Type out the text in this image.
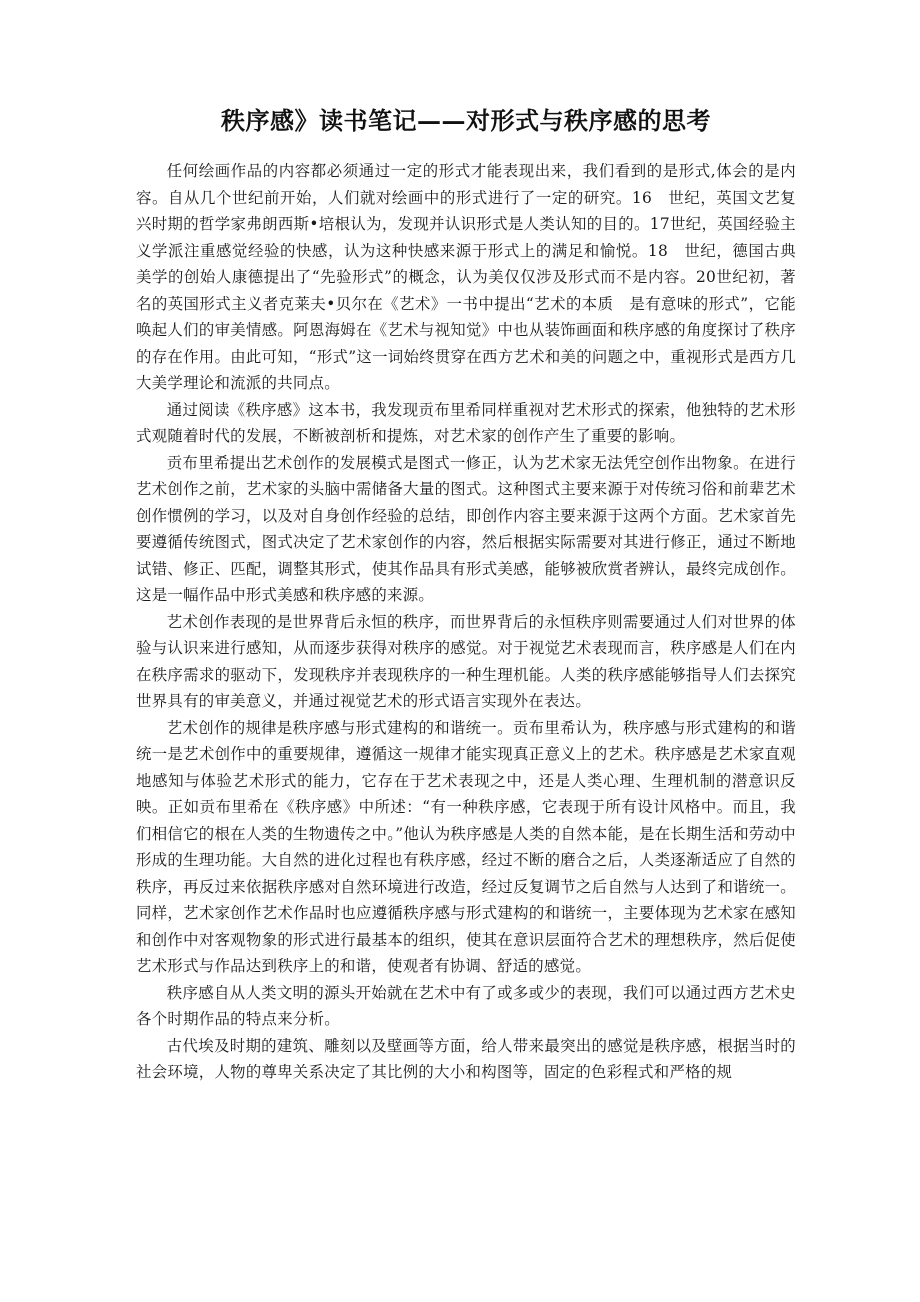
秩序感》读书笔记——对形式与秩序感的思考

任何绘画作品的内容都必须通过一定的形式才能表现出来，我们看到的是形式,体会的是内容。自从几个世纪前开始，人们就对绘画中的形式进行了一定的研究。16　世纪，英国文艺复兴时期的哲学家弗朗西斯•培根认为，发现并认识形式是人类认知的目的。17世纪，英国经验主义学派注重感觉经验的快感，认为这种快感来源于形式上的满足和愉悦。18　世纪，德国古典美学的创始人康德提出了“先验形式”的概念，认为美仅仅涉及形式而不是内容。20世纪初，著名的英国形式主义者克莱夫•贝尔在《艺术》一书中提出“艺术的本质　是有意味的形式”，它能唤起人们的审美情感。阿恩海姆在《艺术与视知觉》中也从装饰画面和秩序感的角度探讨了秩序的存在作用。由此可知，“形式”这一词始终贯穿在西方艺术和美的问题之中，重视形式是西方几大美学理论和流派的共同点。

通过阅读《秩序感》这本书，我发现贡布里希同样重视对艺术形式的探索，他独特的艺术形式观随着时代的发展，不断被剖析和提炼，对艺术家的创作产生了重要的影响。

贡布里希提出艺术创作的发展模式是图式一修正，认为艺术家无法凭空创作出物象。在进行艺术创作之前，艺术家的头脑中需储备大量的图式。这种图式主要来源于对传统习俗和前辈艺术创作惯例的学习，以及对自身创作经验的总结，即创作内容主要来源于这两个方面。艺术家首先要遵循传统图式，图式决定了艺术家创作的内容，然后根据实际需要对其进行修正，通过不断地试错、修正、匹配，调整其形式，使其作品具有形式美感，能够被欣赏者辨认，最终完成创作。这是一幅作品中形式美感和秩序感的来源。

艺术创作表现的是世界背后永恒的秩序，而世界背后的永恒秩序则需要通过人们对世界的体验与认识来进行感知，从而逐步获得对秩序的感觉。对于视觉艺术表现而言，秩序感是人们在内在秩序需求的驱动下，发现秩序并表现秩序的一种生理机能。人类的秩序感能够指导人们去探究世界具有的审美意义，并通过视觉艺术的形式语言实现外在表达。

艺术创作的规律是秩序感与形式建构的和谐统一。贡布里希认为，秩序感与形式建构的和谐统一是艺术创作中的重要规律，遵循这一规律才能实现真正意义上的艺术。秩序感是艺术家直观地感知与体验艺术形式的能力，它存在于艺术表现之中，还是人类心理、生理机制的潜意识反映。正如贡布里希在《秩序感》中所述：“有一种秩序感，它表现于所有设计风格中。而且，我们相信它的根在人类的生物遗传之中。”他认为秩序感是人类的自然本能，是在长期生活和劳动中形成的生理功能。大自然的进化过程也有秩序感，经过不断的磨合之后，人类逐渐适应了自然的秩序，再反过来依据秩序感对自然环境进行改造，经过反复调节之后自然与人达到了和谐统一。同样，艺术家创作艺术作品时也应遵循秩序感与形式建构的和谐统一，主要体现为艺术家在感知和创作中对客观物象的形式进行最基本的组织，使其在意识层面符合艺术的理想秩序，然后促使艺术形式与作品达到秩序上的和谐，使观者有协调、舒适的感觉。

秩序感自从人类文明的源头开始就在艺术中有了或多或少的表现，我们可以通过西方艺术史各个时期作品的特点来分析。

古代埃及时期的建筑、雕刻以及壁画等方面，给人带来最突出的感觉是秩序感，根据当时的社会环境，人物的尊卑关系决定了其比例的大小和构图等，固定的色彩程式和严格的规
